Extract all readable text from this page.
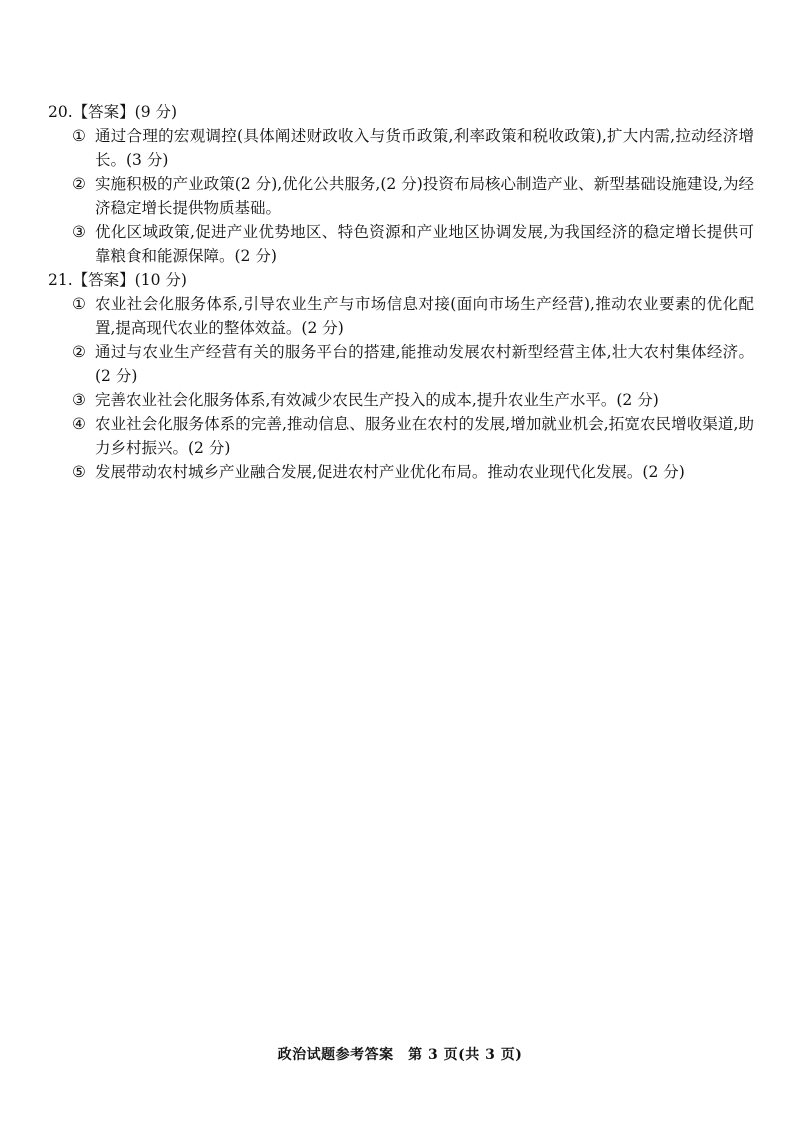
20. 【答案】(9 分)
① 通过合理的宏观调控(具体阐述财政收入与货币政策,利率政策和税收政策),扩大内需,拉动经济增长。(3 分)
② 实施积极的产业政策(2 分),优化公共服务,(2 分)投资布局核心制造产业、新型基础设施建设,为经济稳定增长提供物质基础。
③ 优化区域政策,促进产业优势地区、特色资源和产业地区协调发展,为我国经济的稳定增长提供可靠粮食和能源保障。(2 分)
21. 【答案】(10 分)
① 农业社会化服务体系,引导农业生产与市场信息对接(面向市场生产经营),推动农业要素的优化配置,提高现代农业的整体效益。(2 分)
② 通过与农业生产经营有关的服务平台的搭建,能推动发展农村新型经营主体,壮大农村集体经济。(2 分)
③ 完善农业社会化服务体系,有效减少农民生产投入的成本,提升农业生产水平。(2 分)
④ 农业社会化服务体系的完善,推动信息、服务业在农村的发展,增加就业机会,拓宽农民增收渠道,助力乡村振兴。(2 分)
⑤ 发展带动农村城乡产业融合发展,促进农村产业优化布局。推动农业现代化发展。(2 分)
政治试题参考答案　第 3 页(共 3 页)
